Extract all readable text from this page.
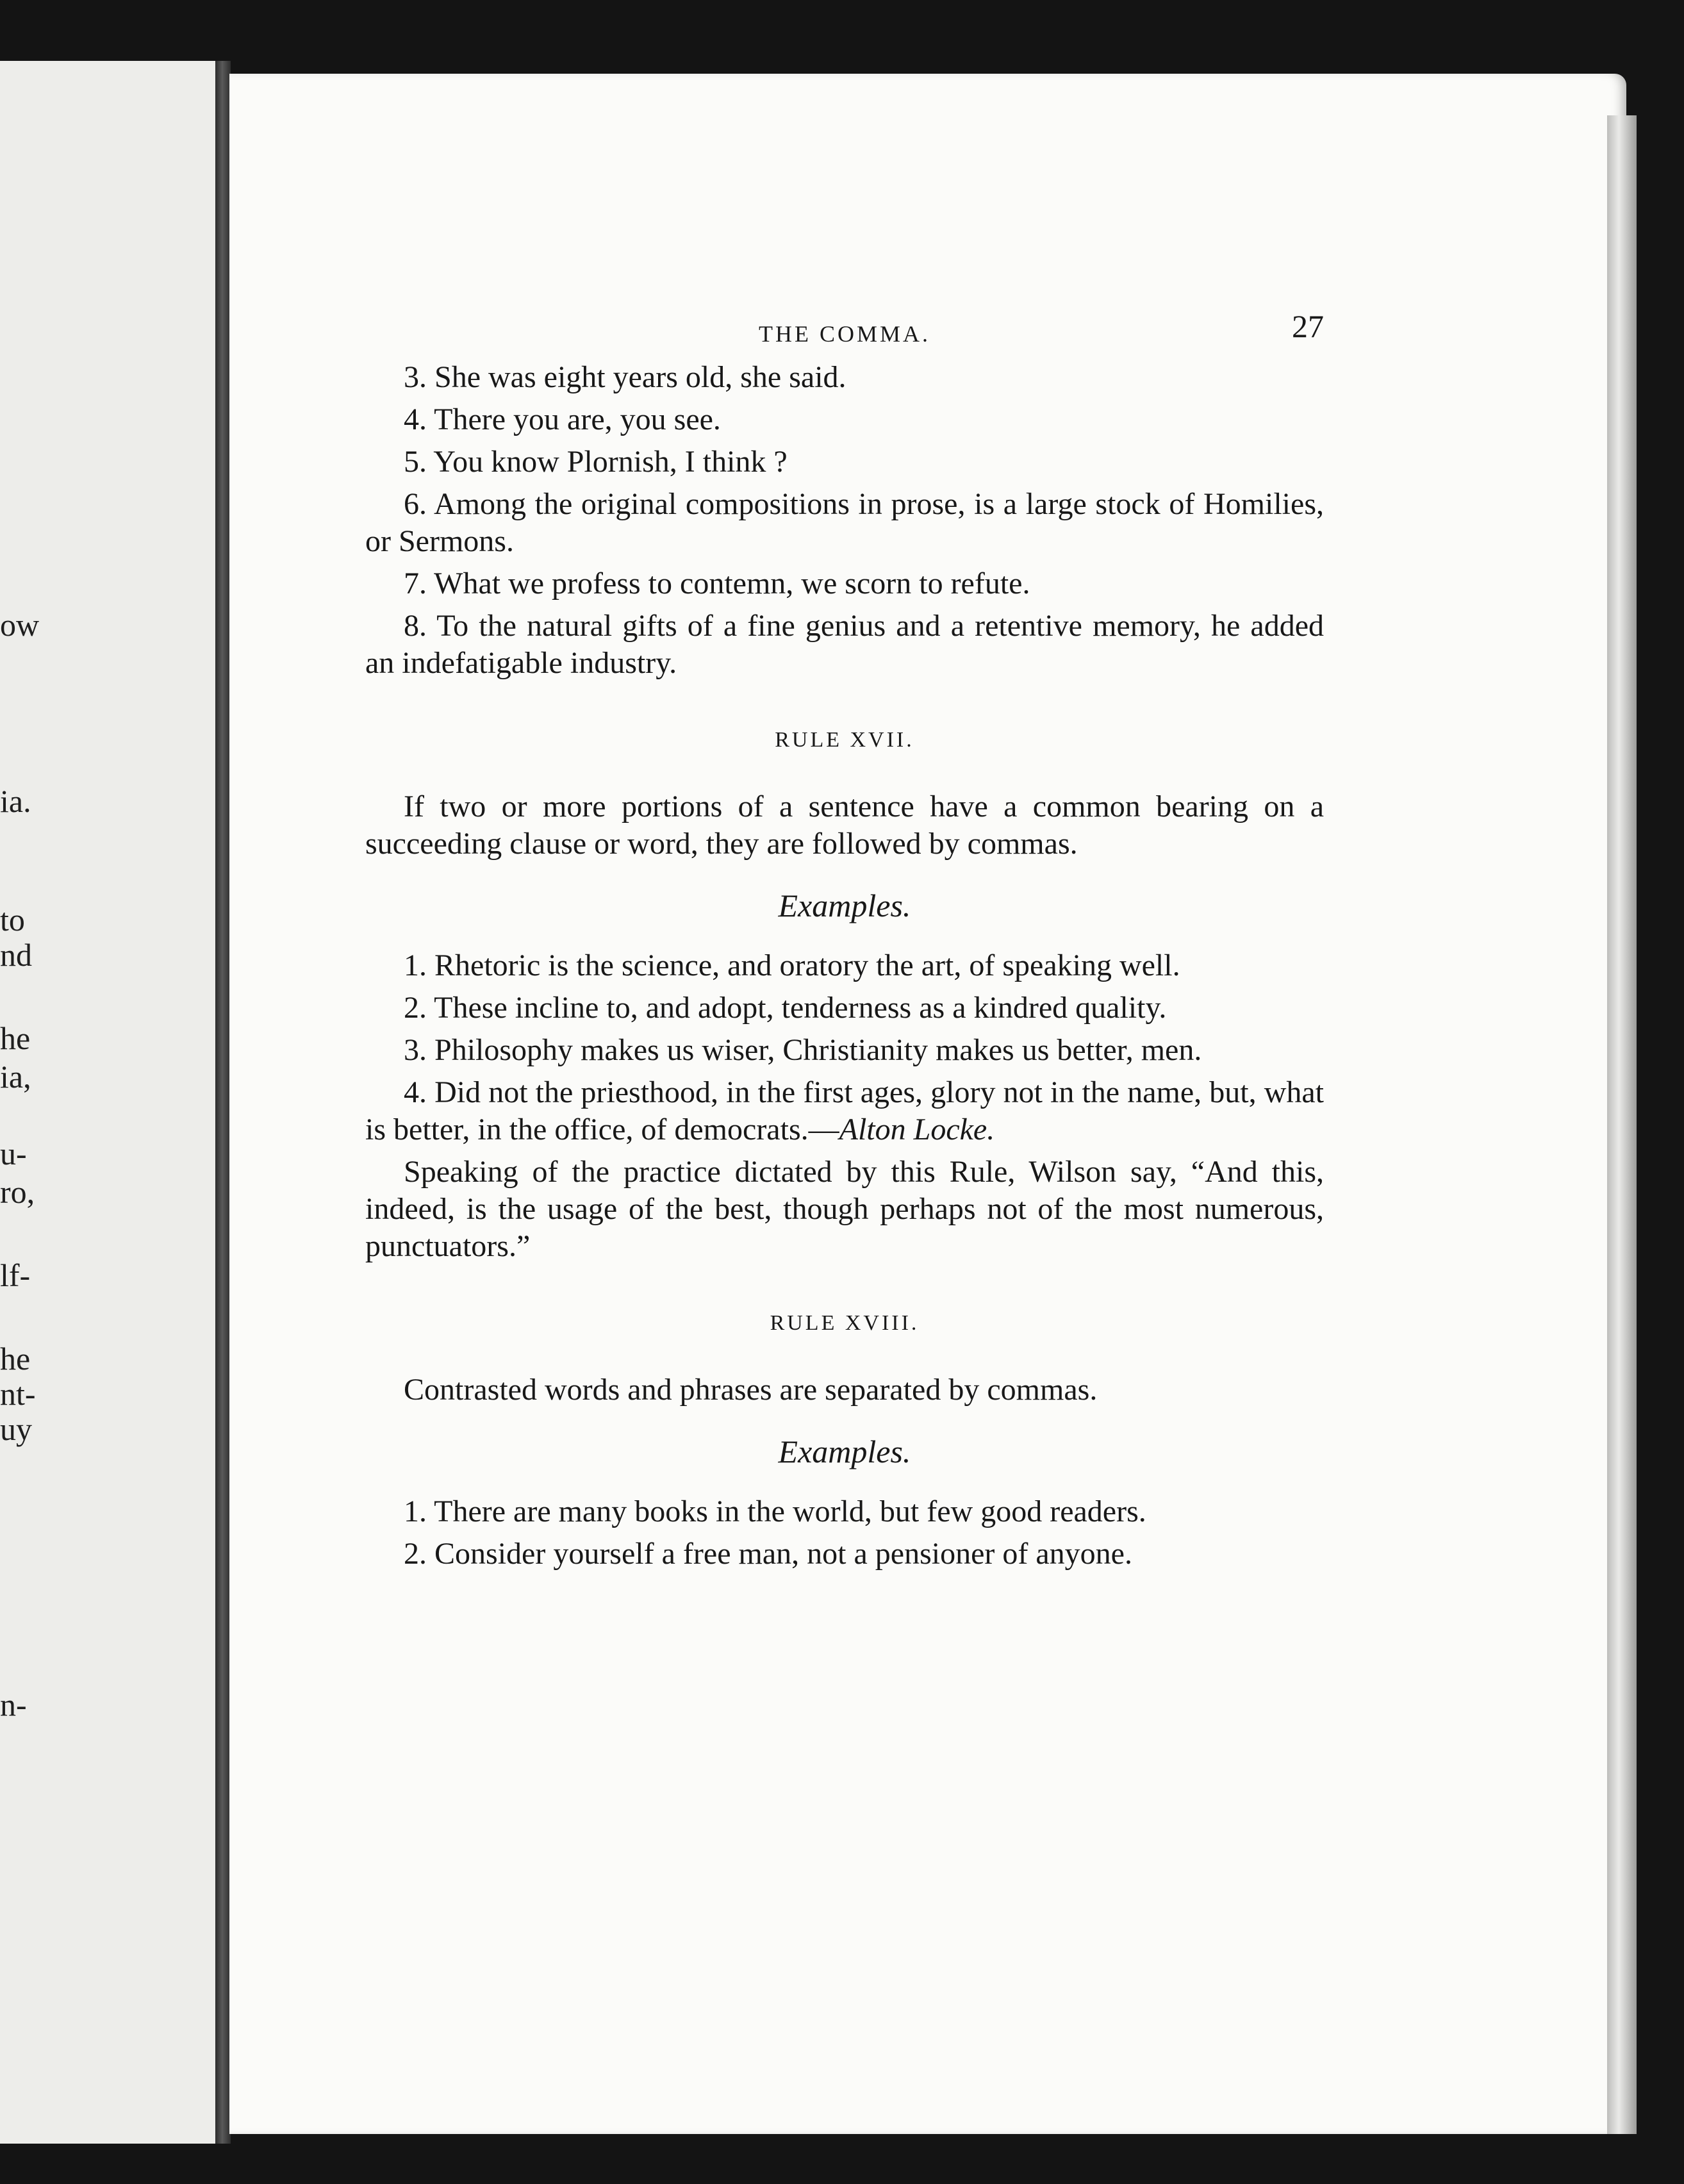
ow
ia.
to
nd
he
ia,
u-
ro,
lf-
he
nt-
uy
n-
THE COMMA.	27

3. She was eight years old, she said.

4. There you are, you see.

5. You know Plornish, I think ?

6. Among the original compositions in prose, is a large stock of Homilies, or Sermons.

7. What we profess to contemn, we scorn to refute.

8. To the natural gifts of a fine genius and a retentive memory, he added an indefatigable industry.

RULE XVII.

If two or more portions of a sentence have a common bearing on a succeeding clause or word, they are followed by commas.

Examples.

1. Rhetoric is the science, and oratory the art, of speaking well.

2. These incline to, and adopt, tenderness as a kindred quality.

3. Philosophy makes us wiser, Christianity makes us better, men.

4. Did not the priesthood, in the first ages, glory not in the name, but, what is better, in the office, of democrats.—Alton Locke.

Speaking of the practice dictated by this Rule, Wilson say, “And this, indeed, is the usage of the best, though perhaps not of the most numerous, punctuators.”

RULE XVIII.

Contrasted words and phrases are separated by commas.

Examples.

1. There are many books in the world, but few good readers.

2. Consider yourself a free man, not a pensioner of anyone.
